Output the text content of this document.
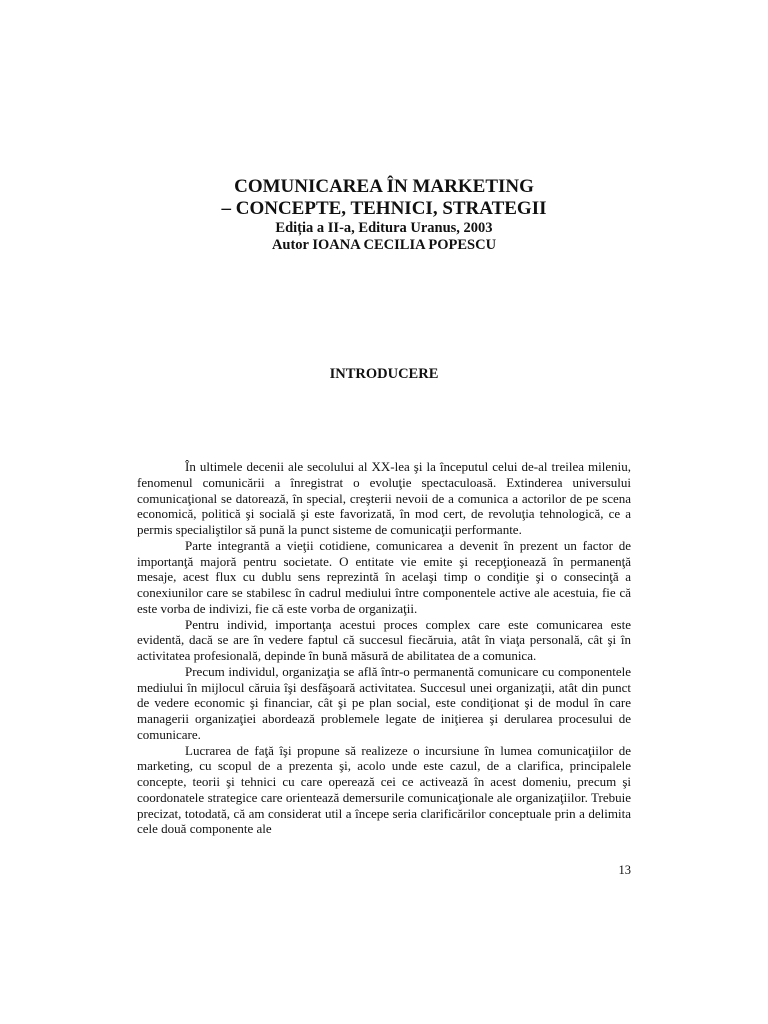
COMUNICAREA ÎN MARKETING
– CONCEPTE, TEHNICI, STRATEGII
Ediția a II-a, Editura Uranus, 2003
Autor IOANA CECILIA POPESCU
INTRODUCERE

În ultimele decenii ale secolului al XX-lea şi la începutul celui de-al treilea mileniu, fenomenul comunicării a înregistrat o evoluţie spectaculoasă. Extinderea universului comunicaţional se datorează, în special, creşterii nevoii de a comunica a actorilor de pe scena economică, politică şi socială şi este favorizată, în mod cert, de revoluţia tehnologică, ce a permis specialiştilor să pună la punct sisteme de comunicaţii performante.

Parte integrantă a vieţii cotidiene, comunicarea a devenit în prezent un factor de importanţă majoră pentru societate. O entitate vie emite şi recepţionează în permanenţă mesaje, acest flux cu dublu sens reprezintă în acelaşi timp o condiţie şi o consecinţă a conexiunilor care se stabilesc în cadrul mediului între componentele active ale acestuia, fie că este vorba de indivizi, fie că este vorba de organizaţii.

Pentru individ, importanţa acestui proces complex care este comunicarea este evidentă, dacă se are în vedere faptul că succesul fiecăruia, atât în viaţa personală, cât şi în activitatea profesională, depinde în bună măsură de abilitatea de a comunica.

Precum individul, organizaţia se află într-o permanentă comunicare cu componentele mediului în mijlocul căruia îşi desfăşoară activitatea. Succesul unei organizaţii, atât din punct de vedere economic şi financiar, cât şi pe plan social, este condiţionat şi de modul în care managerii organizaţiei abordează problemele legate de iniţierea şi derularea procesului de comunicare.

Lucrarea de faţă îşi propune să realizeze o incursiune în lumea comunicaţiilor de marketing, cu scopul de a prezenta şi, acolo unde este cazul, de a clarifica, principalele concepte, teorii şi tehnici cu care operează cei ce activează în acest domeniu, precum şi coordonatele strategice care orientează demersurile comunicaţionale ale organizaţiilor. Trebuie precizat, totodată, că am considerat util a începe seria clarificărilor conceptuale prin a delimita cele două componente ale

13
